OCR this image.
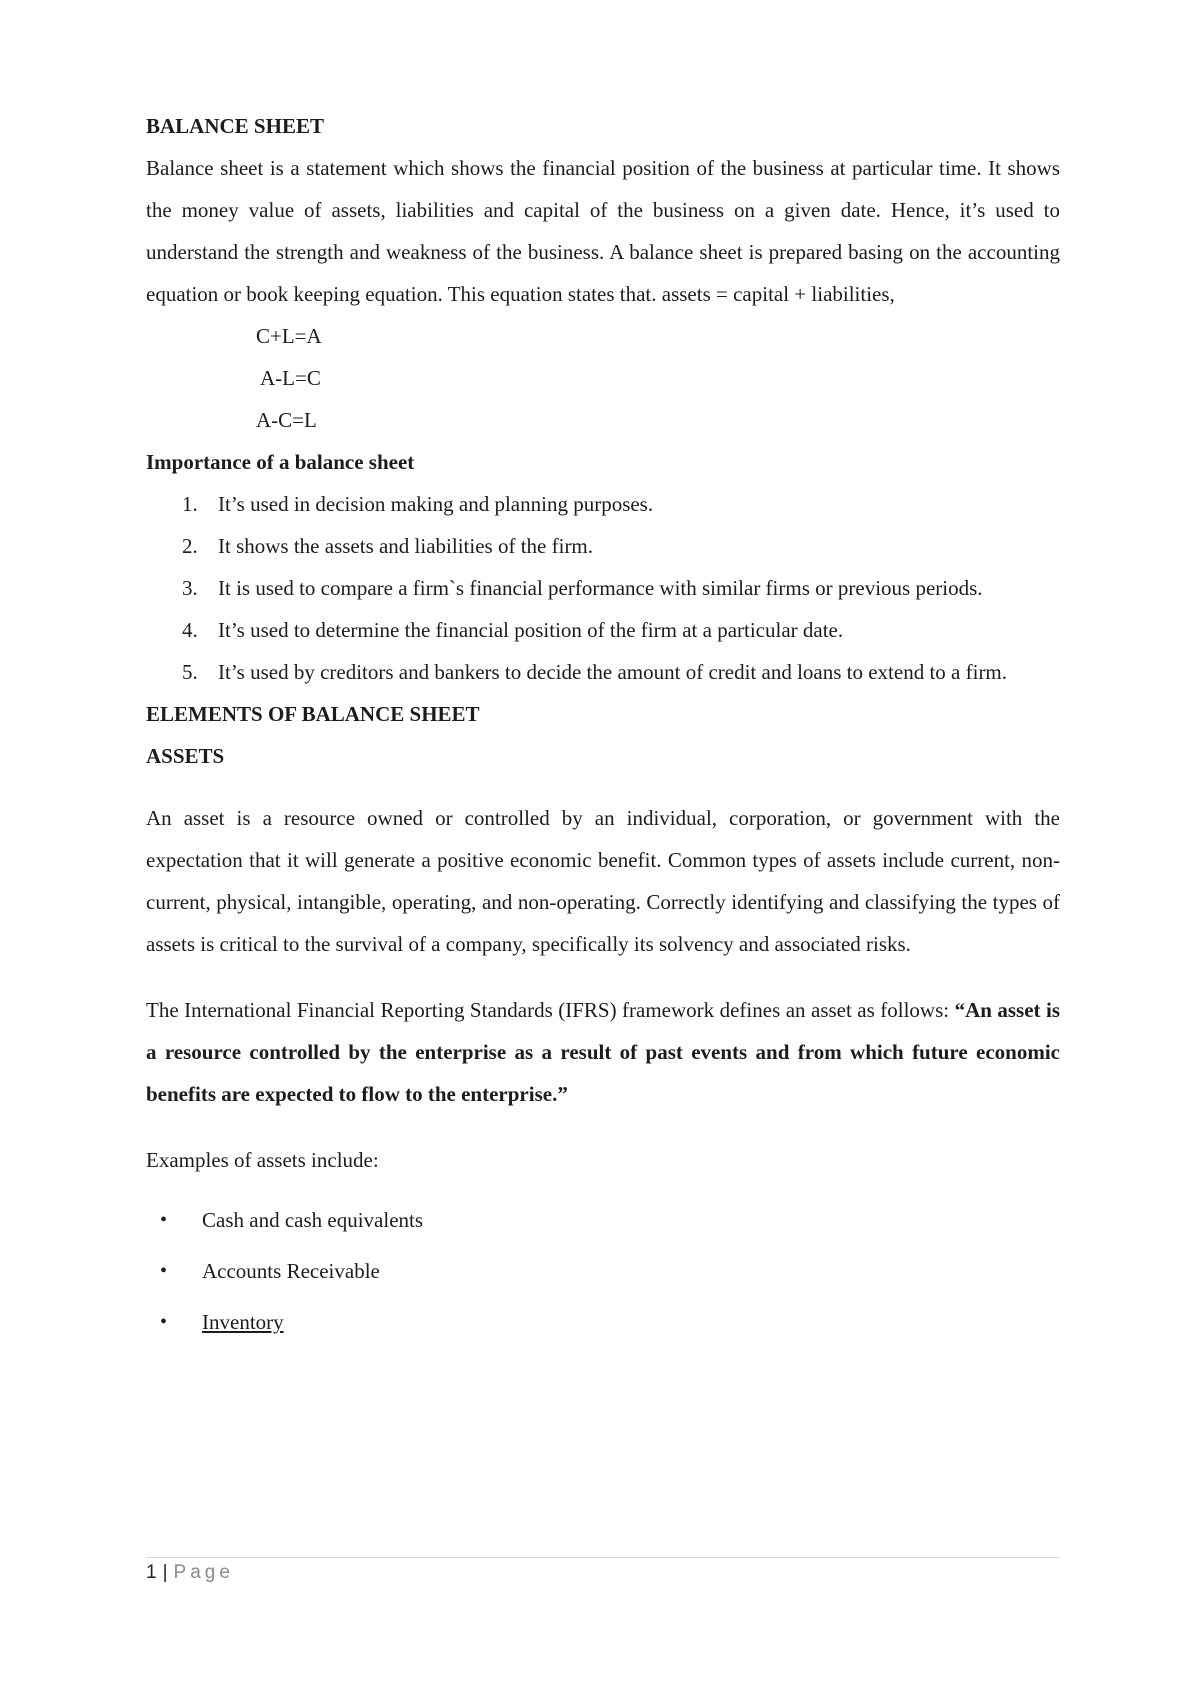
BALANCE SHEET

Balance sheet is a statement which shows the financial position of the business at particular time. It shows the money value of assets, liabilities and capital of the business on a given date. Hence, it’s used to understand the strength and weakness of the business. A balance sheet is prepared basing on the accounting equation or book keeping equation. This equation states that. assets = capital + liabilities,

C+L=A

A-L=C

A-C=L

Importance of a balance sheet

1. It’s used in decision making and planning purposes.
2. It shows the assets and liabilities of the firm.
3. It is used to compare a firm`s financial performance with similar firms or previous periods.
4. It’s used to determine the financial position of the firm at a particular date.
5. It’s used by creditors and bankers to decide the amount of credit and loans to extend to a firm.

ELEMENTS OF BALANCE SHEET

ASSETS

An asset is a resource owned or controlled by an individual, corporation, or government with the expectation that it will generate a positive economic benefit. Common types of assets include current, non-current, physical, intangible, operating, and non-operating. Correctly identifying and classifying the types of assets is critical to the survival of a company, specifically its solvency and associated risks.

The International Financial Reporting Standards (IFRS) framework defines an asset as follows: “An asset is a resource controlled by the enterprise as a result of past events and from which future economic benefits are expected to flow to the enterprise.”

Examples of assets include:

• Cash and cash equivalents
• Accounts Receivable
• Inventory
1 | Page
